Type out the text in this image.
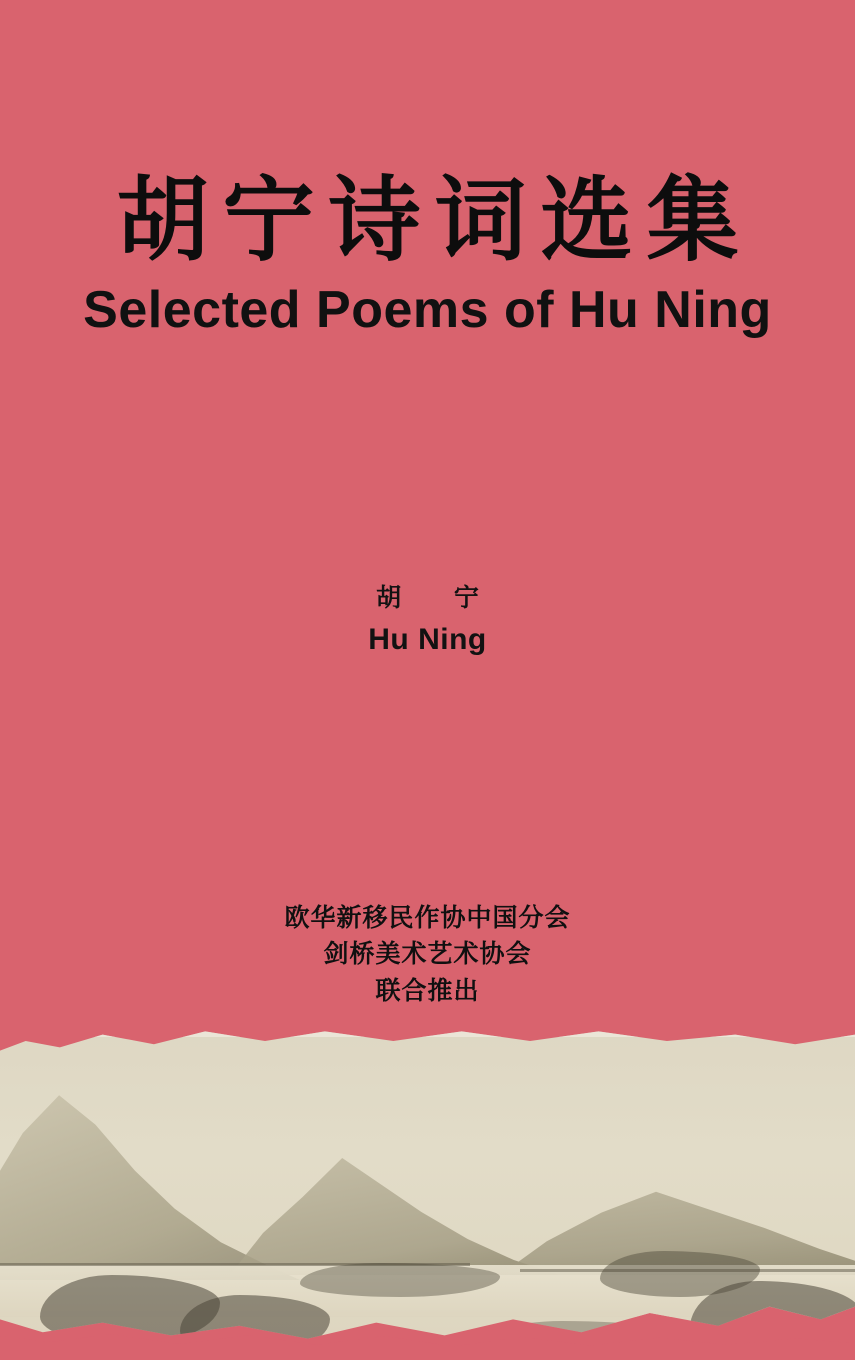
胡宁诗词选集
Selected Poems of Hu Ning
胡 宁
Hu Ning
欧华新移民作协中国分会
剑桥美术艺术协会
联合推出
